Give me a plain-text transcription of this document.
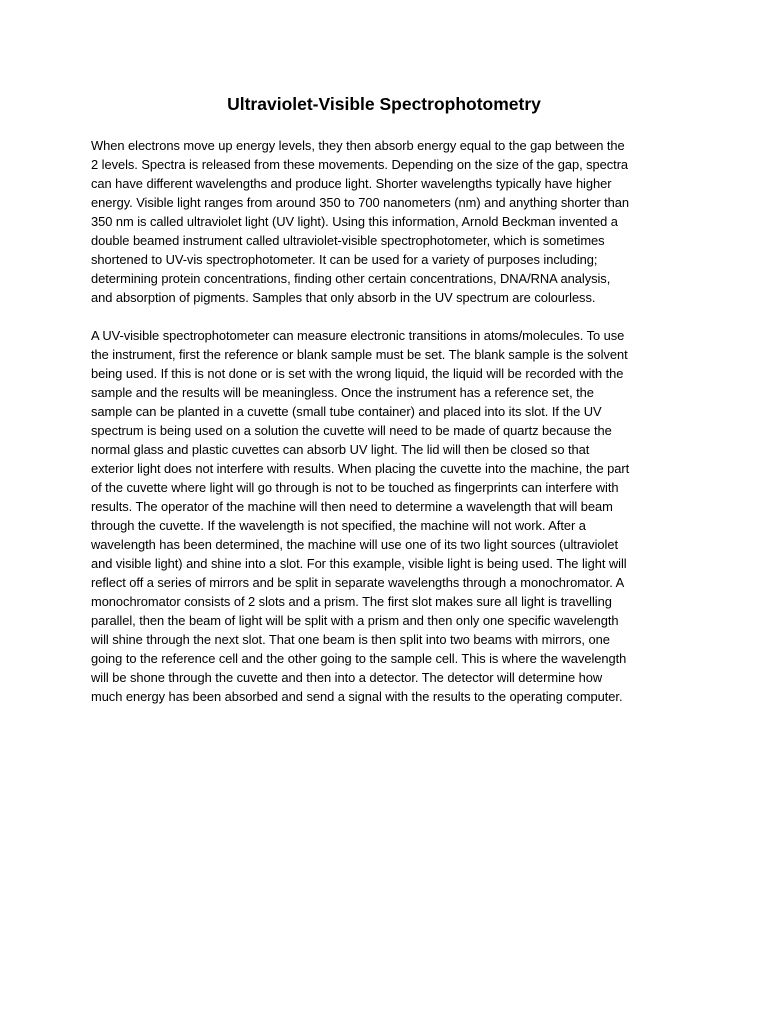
Ultraviolet-Visible Spectrophotometry

When electrons move up energy levels, they then absorb energy equal to the gap between the
2 levels. Spectra is released from these movements. Depending on the size of the gap, spectra
can have different wavelengths and produce light. Shorter wavelengths typically have higher
energy. Visible light ranges from around 350 to 700 nanometers (nm) and anything shorter than
350 nm is called ultraviolet light (UV light). Using this information, Arnold Beckman invented a
double beamed instrument called ultraviolet-visible spectrophotometer, which is sometimes
shortened to UV-vis spectrophotometer. It can be used for a variety of purposes including;
determining protein concentrations, finding other certain concentrations, DNA/RNA analysis,
and absorption of pigments. Samples that only absorb in the UV spectrum are colourless.

A UV-visible spectrophotometer can measure electronic transitions in atoms/molecules. To use
the instrument, first the reference or blank sample must be set. The blank sample is the solvent
being used. If this is not done or is set with the wrong liquid, the liquid will be recorded with the
sample and the results will be meaningless. Once the instrument has a reference set, the
sample can be planted in a cuvette (small tube container) and placed into its slot. If the UV
spectrum is being used on a solution the cuvette will need to be made of quartz because the
normal glass and plastic cuvettes can absorb UV light. The lid will then be closed so that
exterior light does not interfere with results. When placing the cuvette into the machine, the part
of the cuvette where light will go through is not to be touched as fingerprints can interfere with
results. The operator of the machine will then need to determine a wavelength that will beam
through the cuvette. If the wavelength is not specified, the machine will not work. After a
wavelength has been determined, the machine will use one of its two light sources (ultraviolet
and visible light) and shine into a slot. For this example, visible light is being used. The light will
reflect off a series of mirrors and be split in separate wavelengths through a monochromator. A
monochromator consists of 2 slots and a prism. The first slot makes sure all light is travelling
parallel, then the beam of light will be split with a prism and then only one specific wavelength
will shine through the next slot. That one beam is then split into two beams with mirrors, one
going to the reference cell and the other going to the sample cell. This is where the wavelength
will be shone through the cuvette and then into a detector. The detector will determine how
much energy has been absorbed and send a signal with the results to the operating computer.
